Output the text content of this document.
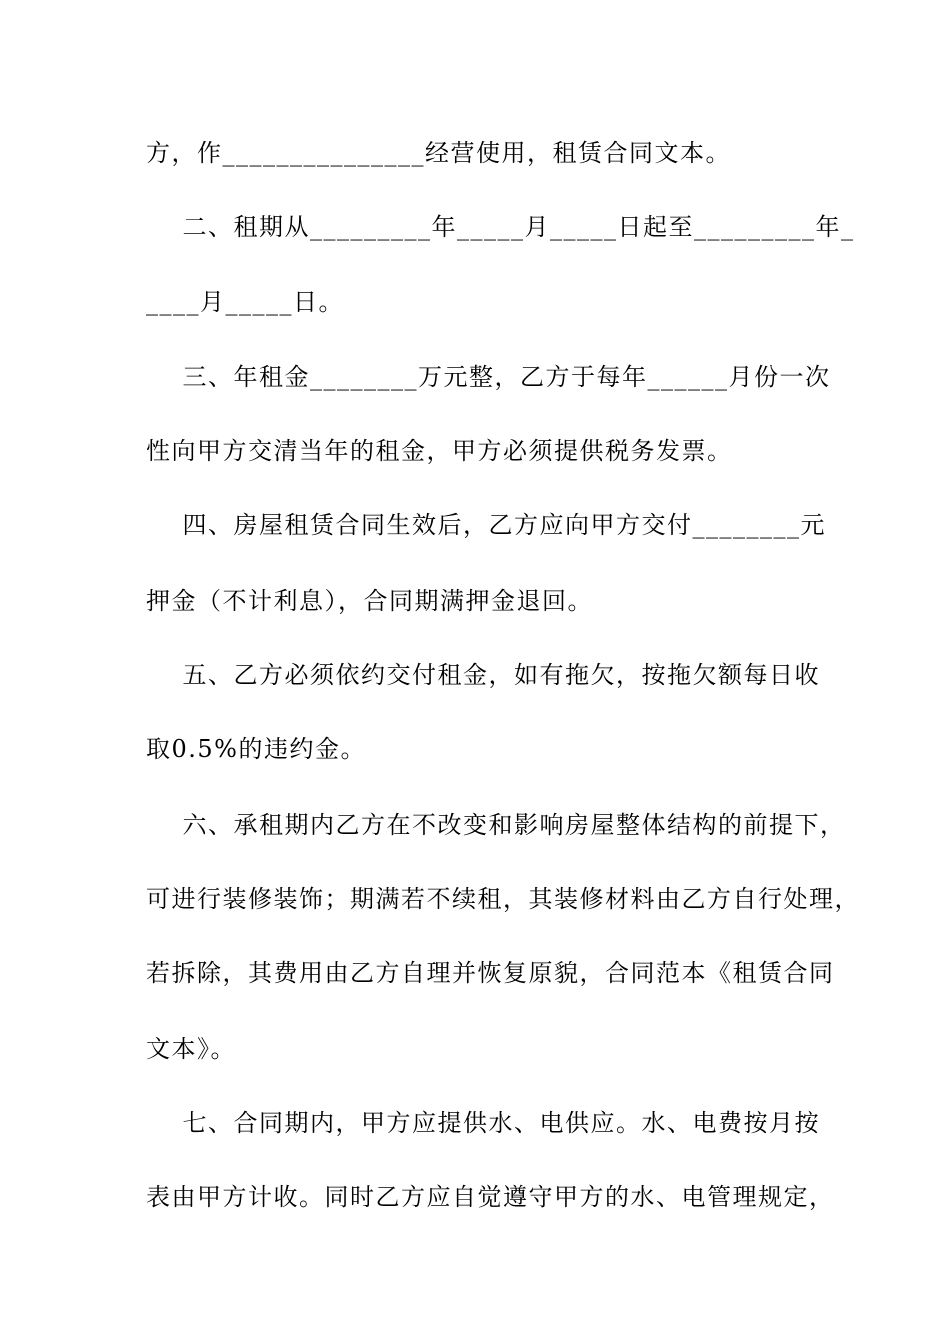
方，作_______________经营使用，租赁合同文本。
二、租期从_________年_____月_____日起至_________年_
____月_____日。
三、年租金________万元整，乙方于每年______月份一次
性向甲方交清当年的租金，甲方必须提供税务发票。
四、房屋租赁合同生效后，乙方应向甲方交付________元
押金（不计利息），合同期满押金退回。
五、乙方必须依约交付租金，如有拖欠，按拖欠额每日收
取0.5%的违约金。
六、承租期内乙方在不改变和影响房屋整体结构的前提下，
可进行装修装饰；期满若不续租，其装修材料由乙方自行处理，
若拆除，其费用由乙方自理并恢复原貌，合同范本《租赁合同
文本》。
七、合同期内，甲方应提供水、电供应。水、电费按月按
表由甲方计收。同时乙方应自觉遵守甲方的水、电管理规定，
